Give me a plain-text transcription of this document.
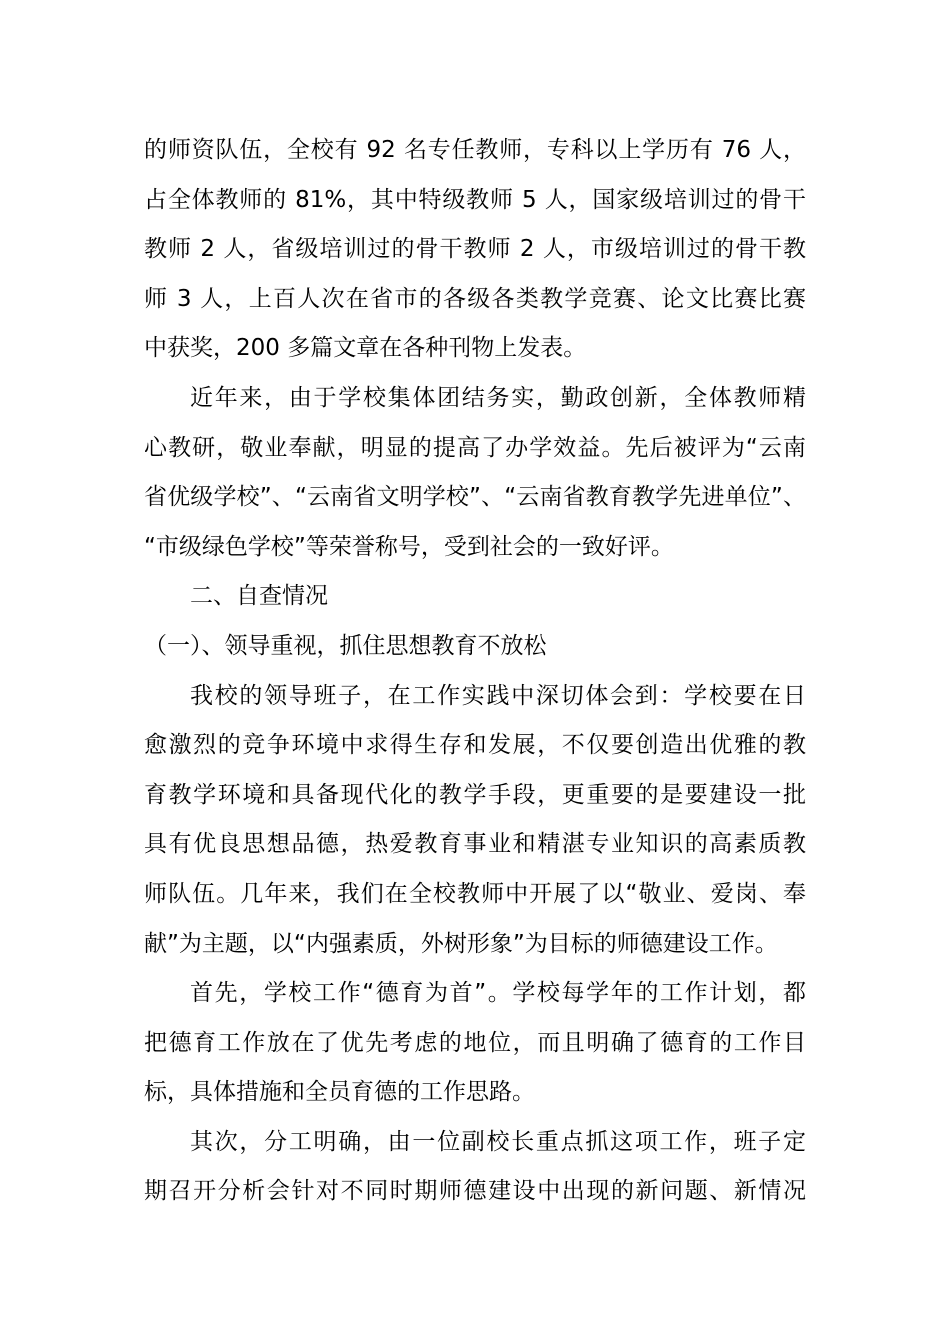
的师资队伍，全校有 92 名专任教师，专科以上学历有 76 人，
占全体教师的 81%，其中特级教师 5 人，国家级培训过的骨干
教师 2 人，省级培训过的骨干教师 2 人，市级培训过的骨干教
师 3 人，上百人次在省市的各级各类教学竞赛、论文比赛比赛
中获奖，200 多篇文章在各种刊物上发表。
近年来，由于学校集体团结务实，勤政创新，全体教师精
心教研，敬业奉献，明显的提高了办学效益。先后被评为“云南
省优级学校”、“云南省文明学校”、“云南省教育教学先进单位”、
“市级绿色学校”等荣誉称号，受到社会的一致好评。
二、自查情况
（一）、领导重视，抓住思想教育不放松
我校的领导班子，在工作实践中深切体会到：学校要在日
愈激烈的竞争环境中求得生存和发展，不仅要创造出优雅的教
育教学环境和具备现代化的教学手段，更重要的是要建设一批
具有优良思想品德，热爱教育事业和精湛专业知识的高素质教
师队伍。几年来，我们在全校教师中开展了以“敬业、爱岗、奉
献”为主题，以“内强素质，外树形象”为目标的师德建设工作。
首先，学校工作“德育为首”。学校每学年的工作计划，都
把德育工作放在了优先考虑的地位，而且明确了德育的工作目
标，具体措施和全员育德的工作思路。
其次，分工明确，由一位副校长重点抓这项工作，班子定
期召开分析会针对不同时期师德建设中出现的新问题、新情况
